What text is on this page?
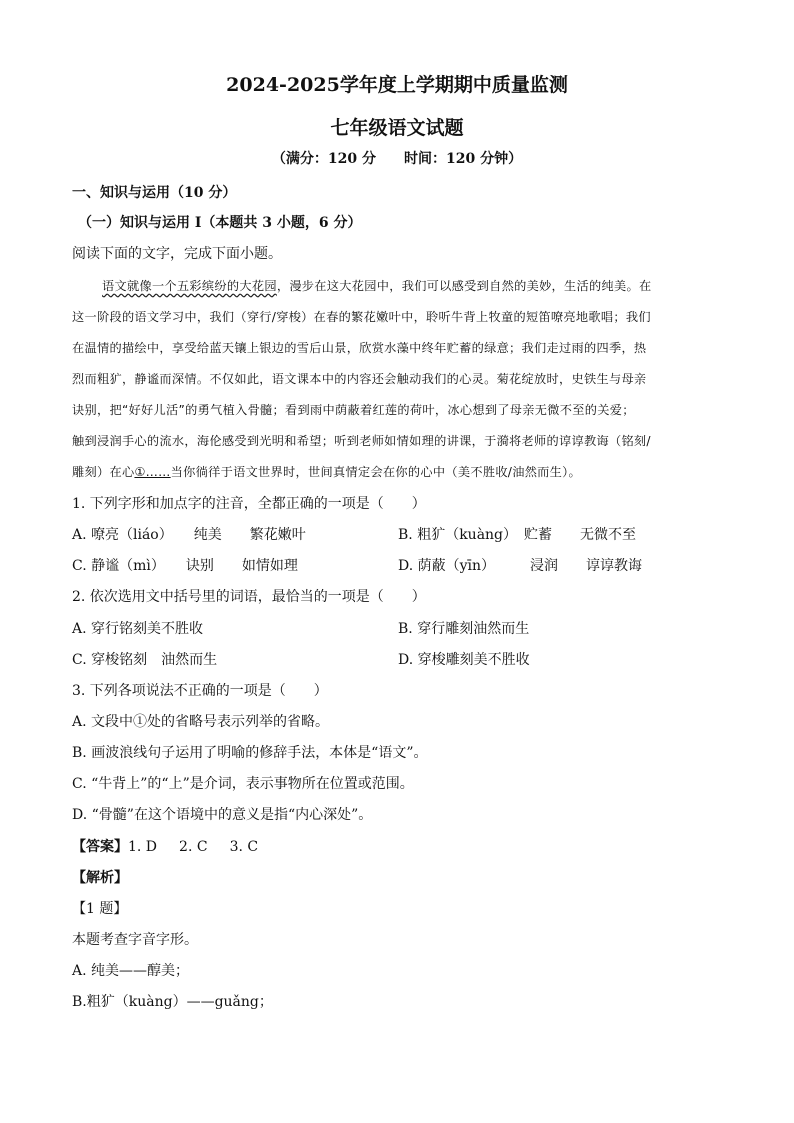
2024-2025学年度上学期期中质量监测
七年级语文试题
（满分：120 分　　时间：120 分钟）
一、知识与运用（10 分）
（一）知识与运用 Ⅰ（本题共 3 小题，6 分）
阅读下面的文字，完成下面小题。
语文就像一个五彩缤纷的大花园，漫步在这大花园中，我们可以感受到自然的美妙，生活的纯美。在
这一阶段的语文学习中，我们（穿行/穿梭）在春的繁花嫩叶中，聆听牛背上牧童的短笛嘹亮地歌唱；我们
在温情的描绘中，享受给蓝天镶上银边的雪后山景，欣赏水藻中终年贮蓄的绿意；我们走过雨的四季，热
烈而粗犷，静谧而深情。不仅如此，语文课本中的内容还会触动我们的心灵。菊花绽放时，史铁生与母亲
诀别，把“好好儿活”的勇气植入骨髓；看到雨中荫蔽着红莲的荷叶，冰心想到了母亲无微不至的关爱；
触到浸润手心的流水，海伦感受到光明和希望；听到老师如情如理的讲课，于漪将老师的谆谆教诲（铭刻/
雕刻）在心①……当你徜徉于语文世界时，世间真情定会在你的心中（美不胜收/油然而生）。
1. 下列字形和加点字的注音，全都正确的一项是（　　）
A. 嘹亮（liáo）　　纯美　　繁花嫩叶	B. 粗犷（kuàng）　贮蓄　　无微不至
C. 静谧（mì）　　诀别　　如情如理	D. 荫蔽（yīn）　　　浸润　　谆谆教诲
2. 依次选用文中括号里的词语，最恰当的一项是（　　）
A. 穿行铭刻美不胜收	B. 穿行雕刻油然而生
C. 穿梭铭刻　油然而生	D. 穿梭雕刻美不胜收
3. 下列各项说法不正确的一项是（　　）
A. 文段中①处的省略号表示列举的省略。
B. 画波浪线句子运用了明喻的修辞手法，本体是“语文”。
C. “牛背上”的“上”是介词，表示事物所在位置或范围。
D. “骨髓”在这个语境中的意义是指“内心深处”。
【答案】1. D 2. C 3. C
【解析】
【1 题】
本题考查字音字形。
A. 纯美——醇美；
B.粗犷（kuàng）——guǎng；
